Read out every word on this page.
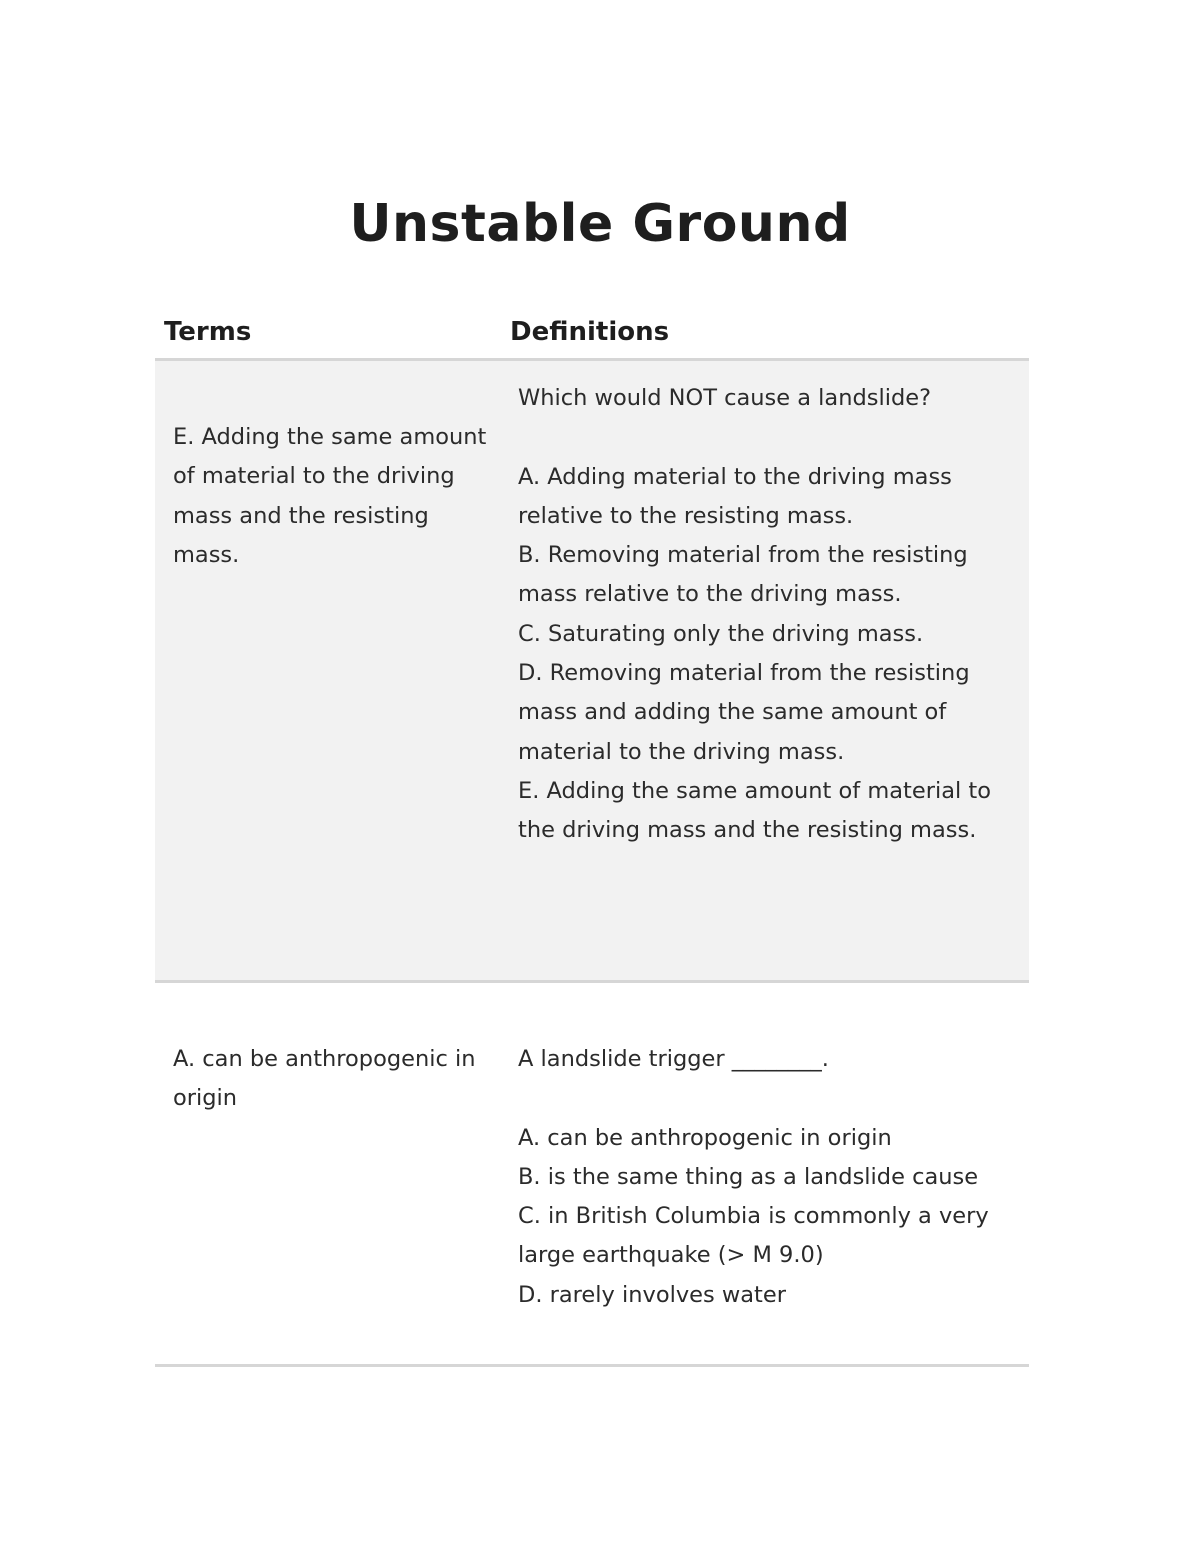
Unstable Ground
Terms	Definitions
E. Adding the same amount of material to the driving mass and the resisting mass.
Which would NOT cause a landslide?
A. Adding material to the driving mass relative to the resisting mass.
B. Removing material from the resisting mass relative to the driving mass.
C. Saturating only the driving mass.
D. Removing material from the resisting mass and adding the same amount of material to the driving mass.
E. Adding the same amount of material to the driving mass and the resisting mass.
A. can be anthropogenic in origin
A landslide trigger ________.
A. can be anthropogenic in origin
B. is the same thing as a landslide cause
C. in British Columbia is commonly a very large earthquake (> M 9.0)
D. rarely involves water
